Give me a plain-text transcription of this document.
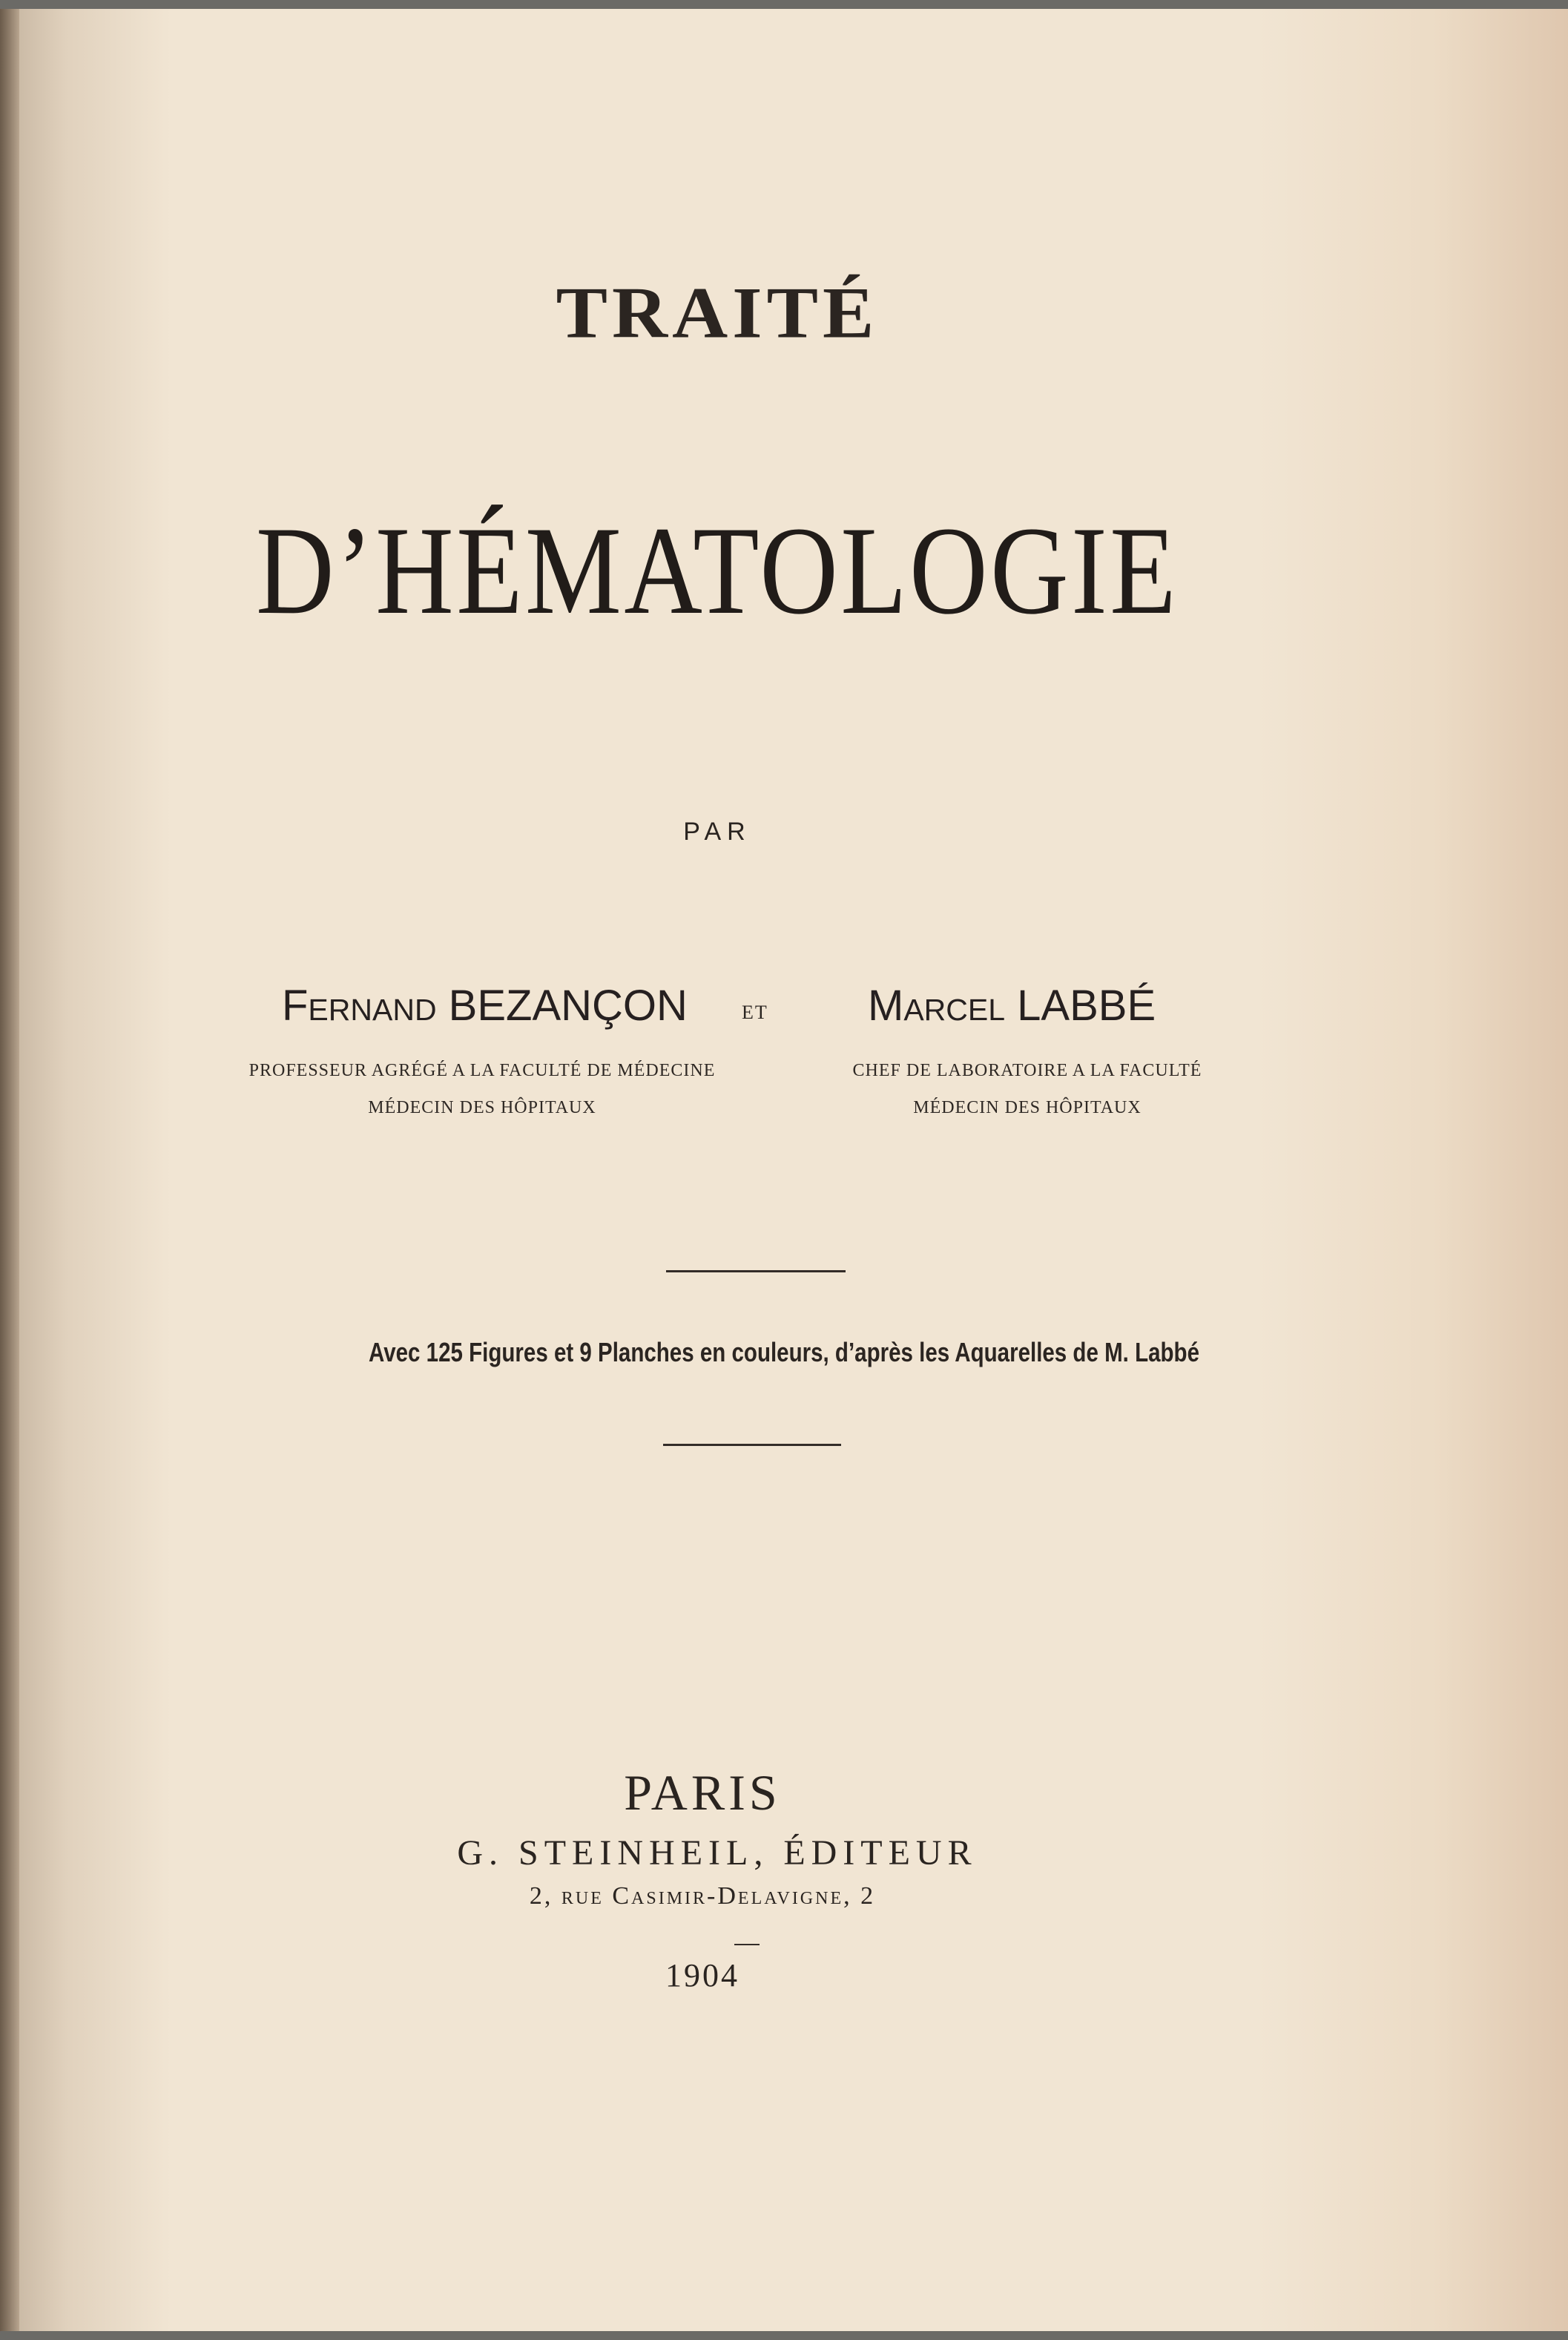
TRAITÉ
D’HÉMATOLOGIE
PAR
Fernand BEZANÇON	ET Marcel LABBÉ
PROFESSEUR AGRÉGÉ A LA FACULTÉ DE MÉDECINE
MÉDECIN DES HÔPITAUX
CHEF DE LABORATOIRE A LA FACULTÉ
MÉDECIN DES HÔPITAUX
Avec 125 Figures et 9 Planches en couleurs, d’après les Aquarelles de M. Labbé
PARIS
G. STEINHEIL, ÉDITEUR
2, rue Casimir-Delavigne, 2
1904
